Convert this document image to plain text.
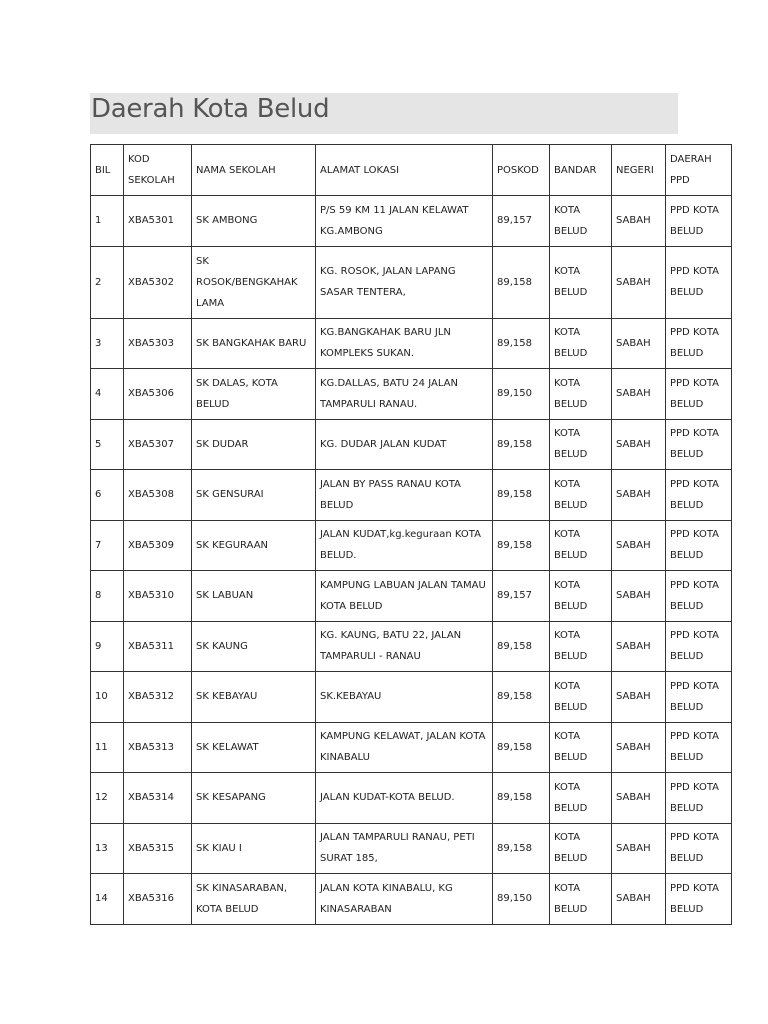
Daerah Kota Belud
BIL	KOD SEKOLAH	NAMA SEKOLAH	ALAMAT LOKASI	POSKOD	BANDAR	NEGERI	DAERAH PPD
1	XBA5301	SK AMBONG	P/S 59 KM 11 JALAN KELAWAT KG.AMBONG	89,157	KOTA BELUD	SABAH	PPD KOTA BELUD
2	XBA5302	SK ROSOK/BENGKAHAK LAMA	KG. ROSOK, JALAN LAPANG SASAR TENTERA,	89,158	KOTA BELUD	SABAH	PPD KOTA BELUD
3	XBA5303	SK BANGKAHAK BARU	KG.BANGKAHAK BARU JLN KOMPLEKS SUKAN.	89,158	KOTA BELUD	SABAH	PPD KOTA BELUD
4	XBA5306	SK DALAS, KOTA BELUD	KG.DALLAS, BATU 24 JALAN TAMPARULI RANAU.	89,150	KOTA BELUD	SABAH	PPD KOTA BELUD
5	XBA5307	SK DUDAR	KG. DUDAR JALAN KUDAT	89,158	KOTA BELUD	SABAH	PPD KOTA BELUD
6	XBA5308	SK GENSURAI	JALAN BY PASS RANAU KOTA BELUD	89,158	KOTA BELUD	SABAH	PPD KOTA BELUD
7	XBA5309	SK KEGURAAN	JALAN KUDAT,kg.keguraan KOTA BELUD.	89,158	KOTA BELUD	SABAH	PPD KOTA BELUD
8	XBA5310	SK LABUAN	KAMPUNG LABUAN JALAN TAMAU KOTA BELUD	89,157	KOTA BELUD	SABAH	PPD KOTA BELUD
9	XBA5311	SK KAUNG	KG. KAUNG, BATU 22, JALAN TAMPARULI - RANAU	89,158	KOTA BELUD	SABAH	PPD KOTA BELUD
10	XBA5312	SK KEBAYAU	SK.KEBAYAU	89,158	KOTA BELUD	SABAH	PPD KOTA BELUD
11	XBA5313	SK KELAWAT	KAMPUNG KELAWAT, JALAN KOTA KINABALU	89,158	KOTA BELUD	SABAH	PPD KOTA BELUD
12	XBA5314	SK KESAPANG	JALAN KUDAT-KOTA BELUD.	89,158	KOTA BELUD	SABAH	PPD KOTA BELUD
13	XBA5315	SK KIAU I	JALAN TAMPARULI RANAU, PETI SURAT 185,	89,158	KOTA BELUD	SABAH	PPD KOTA BELUD
14	XBA5316	SK KINASARABAN, KOTA BELUD	JALAN KOTA KINABALU, KG KINASARABAN	89,150	KOTA BELUD	SABAH	PPD KOTA BELUD
